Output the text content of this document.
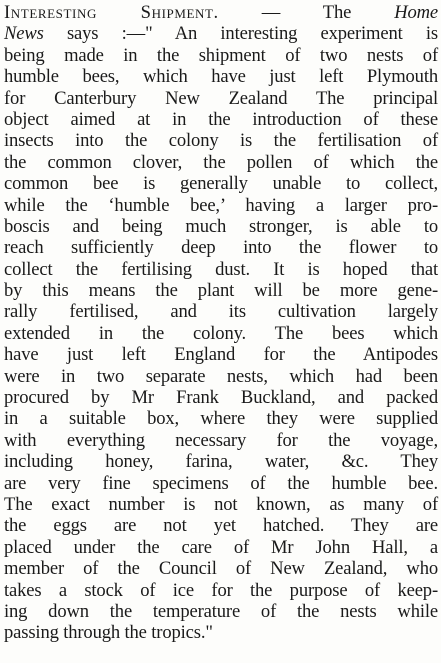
Interesting Shipment. — The Home
News says :—" An interesting experiment is
being made in the shipment of two nests of
humble bees, which have just left Plymouth
for Canterbury New Zealand The principal
object aimed at in the introduction of these
insects into the colony is the fertilisation of
the common clover, the pollen of which the
common bee is generally unable to collect,
while the ‘humble bee,’ having a larger pro-
boscis and being much stronger, is able to
reach sufficiently deep into the flower to
collect the fertilising dust. It is hoped that
by this means the plant will be more gene-
rally fertilised, and its cultivation largely
extended in the colony. The bees which
have just left England for the Antipodes
were in two separate nests, which had been
procured by Mr Frank Buckland, and packed
in a suitable box, where they were supplied
with everything necessary for the voyage,
including honey, farina, water, &c. They
are very fine specimens of the humble bee.
The exact number is not known, as many of
the eggs are not yet hatched. They are
placed under the care of Mr John Hall, a
member of the Council of New Zealand, who
takes a stock of ice for the purpose of keep-
ing down the temperature of the nests while
passing through the tropics."
